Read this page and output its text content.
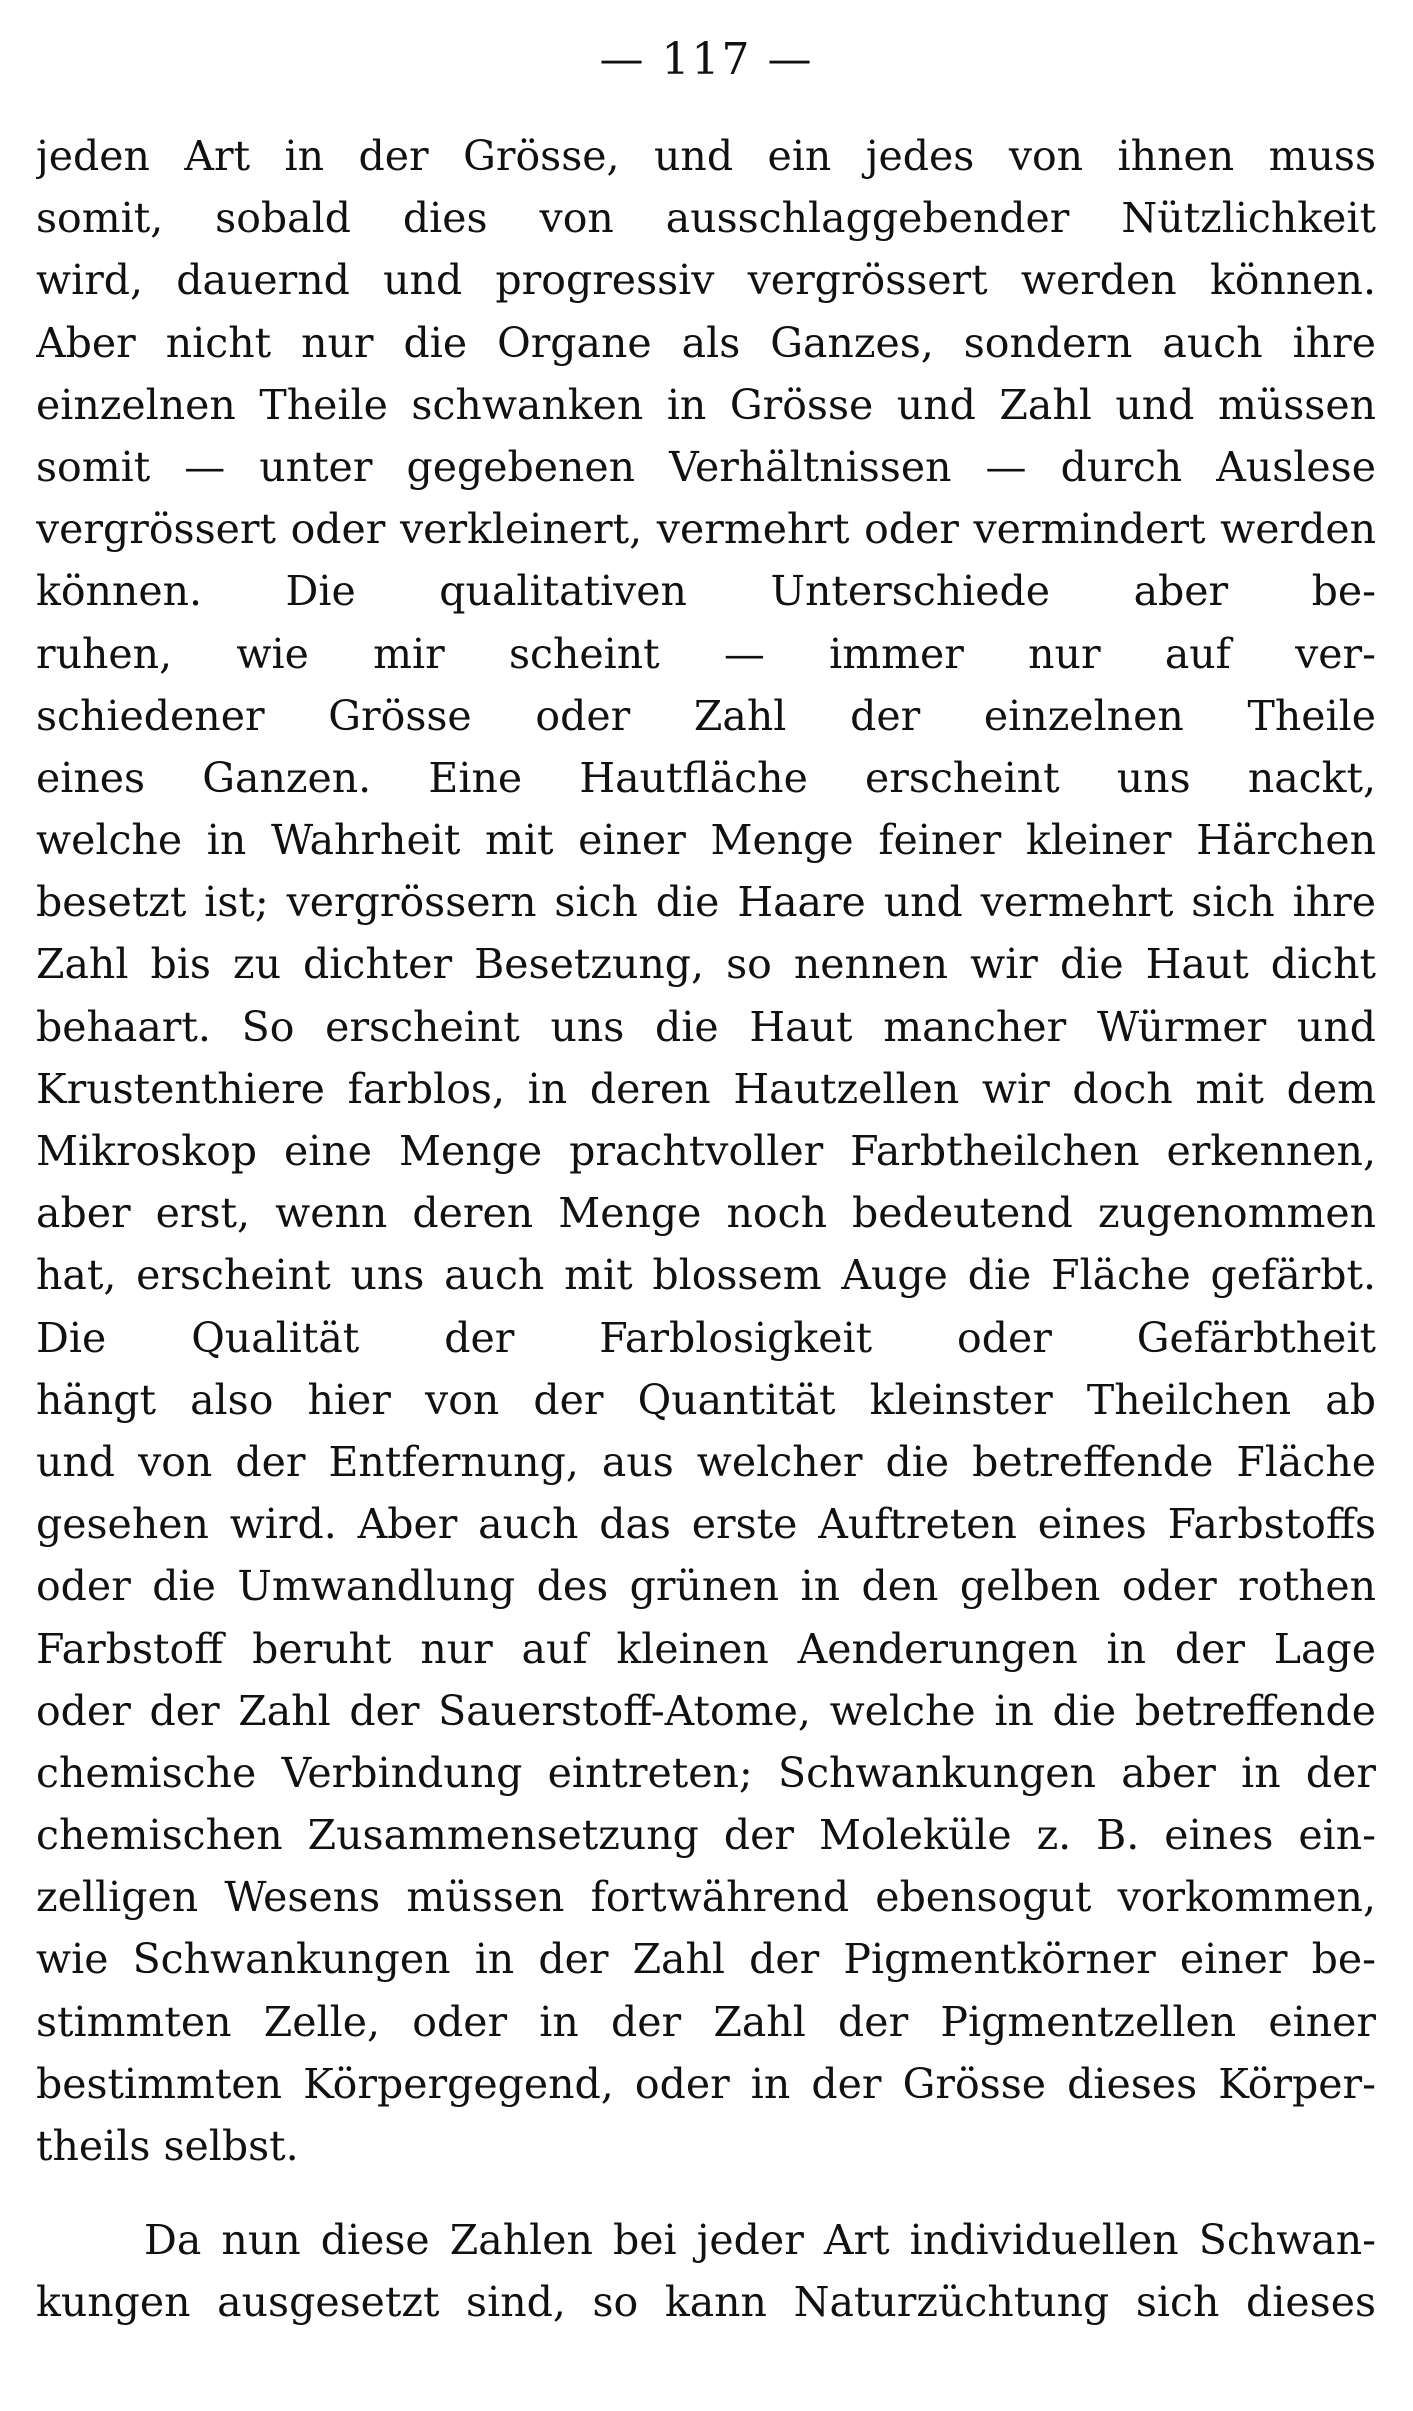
— 117 —
jeden Art in der Grösse, und ein jedes von ihnen muss
somit, sobald dies von ausschlaggebender Nützlichkeit
wird, dauernd und progressiv vergrössert werden können.
Aber nicht nur die Organe als Ganzes, sondern auch ihre
einzelnen Theile schwanken in Grösse und Zahl und müssen
somit — unter gegebenen Verhältnissen — durch Auslese
vergrössert oder verkleinert, vermehrt oder vermindert werden
können. Die qualitativen Unterschiede aber be-
ruhen, wie mir scheint — immer nur auf ver-
schiedener Grösse oder Zahl der einzelnen Theile
eines Ganzen. Eine Hautfläche erscheint uns nackt,
welche in Wahrheit mit einer Menge feiner kleiner Härchen
besetzt ist; vergrössern sich die Haare und vermehrt sich ihre
Zahl bis zu dichter Besetzung, so nennen wir die Haut dicht
behaart. So erscheint uns die Haut mancher Würmer und
Krustenthiere farblos, in deren Hautzellen wir doch mit dem
Mikroskop eine Menge prachtvoller Farbtheilchen erkennen,
aber erst, wenn deren Menge noch bedeutend zugenommen
hat, erscheint uns auch mit blossem Auge die Fläche gefärbt.
Die Qualität der Farblosigkeit oder Gefärbtheit
hängt also hier von der Quantität kleinster Theilchen ab
und von der Entfernung, aus welcher die betreffende Fläche
gesehen wird. Aber auch das erste Auftreten eines Farbstoffs
oder die Umwandlung des grünen in den gelben oder rothen
Farbstoff beruht nur auf kleinen Aenderungen in der Lage
oder der Zahl der Sauerstoff-Atome, welche in die betreffende
chemische Verbindung eintreten; Schwankungen aber in der
chemischen Zusammensetzung der Moleküle z. B. eines ein-
zelligen Wesens müssen fortwährend ebensogut vorkommen,
wie Schwankungen in der Zahl der Pigmentkörner einer be-
stimmten Zelle, oder in der Zahl der Pigmentzellen einer
bestimmten Körpergegend, oder in der Grösse dieses Körper-
theils selbst.
Da nun diese Zahlen bei jeder Art individuellen Schwan-
kungen ausgesetzt sind, so kann Naturzüchtung sich dieses
